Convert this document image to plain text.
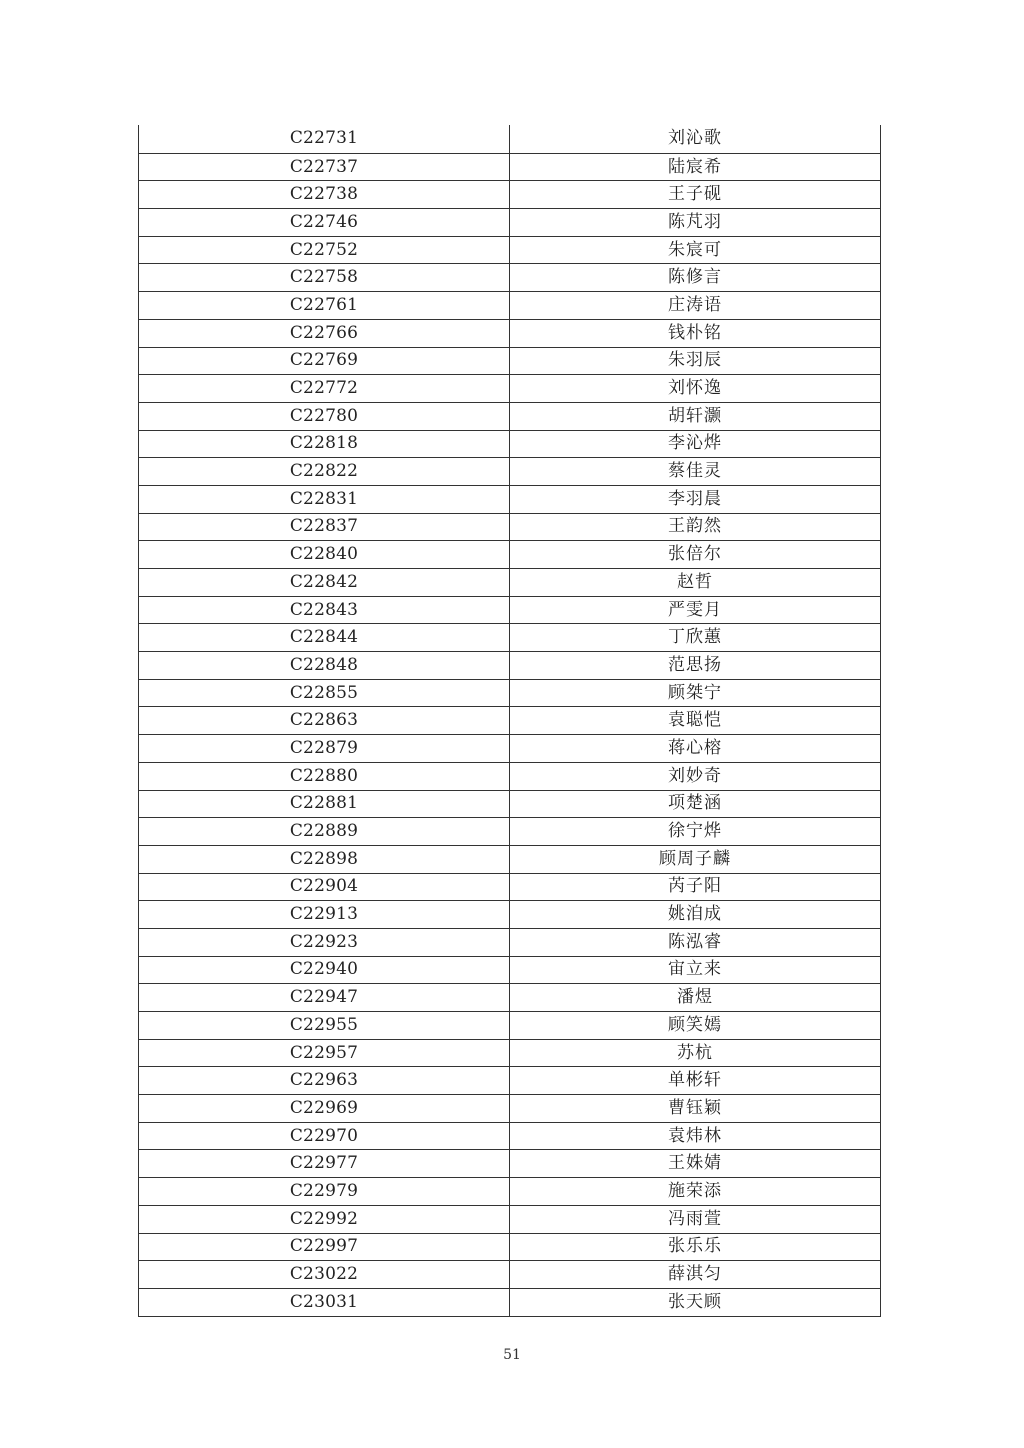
C22731	刘沁歌
C22737	陆宸希
C22738	王子砚
C22746	陈芃羽
C22752	朱宸可
C22758	陈修言
C22761	庄涛语
C22766	钱朴铭
C22769	朱羽辰
C22772	刘怀逸
C22780	胡轩灏
C22818	李沁烨
C22822	蔡佳灵
C22831	李羽晨
C22837	王韵然
C22840	张倍尔
C22842	赵哲
C22843	严雯月
C22844	丁欣蕙
C22848	范思扬
C22855	顾桀宁
C22863	袁聪恺
C22879	蒋心榕
C22880	刘妙奇
C22881	项楚涵
C22889	徐宁烨
C22898	顾周子麟
C22904	芮子阳
C22913	姚洎成
C22923	陈泓睿
C22940	宙立来
C22947	潘煜
C22955	顾笑嫣
C22957	苏杭
C22963	单彬轩
C22969	曹钰颖
C22970	袁炜林
C22977	王姝婧
C22979	施荣添
C22992	冯雨萱
C22997	张乐乐
C23022	薛淇匀
C23031	张天顾
51
